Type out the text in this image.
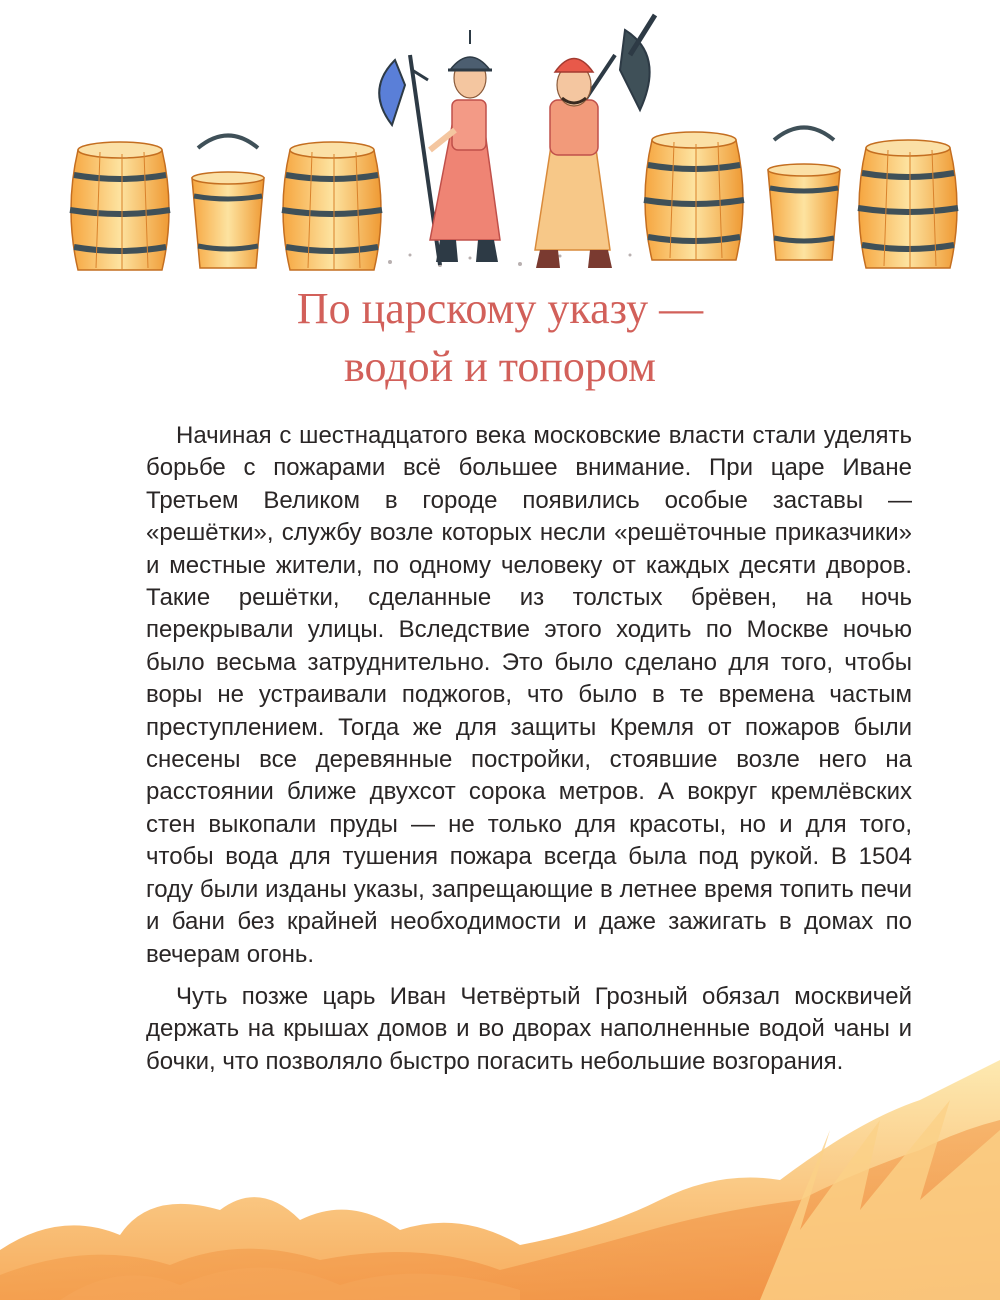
По царскому указу —
водой и топором

Начиная с шестнадцатого века московские власти стали уделять борьбе с пожарами всё большее внимание. При царе Иване Третьем Великом в городе появились особые заставы — «решётки», службу возле которых несли «решёточные приказчики» и местные жители, по одному человеку от каждых десяти дворов. Такие решётки, сделанные из толстых брёвен, на ночь перекрывали улицы. Вследствие этого ходить по Москве ночью было весьма затруднительно. Это было сделано для того, чтобы воры не устраивали поджогов, что было в те времена частым преступлением. Тогда же для защиты Кремля от пожаров были снесены все деревянные постройки, стоявшие возле него на расстоянии ближе двухсот сорока метров. А вокруг кремлёвских стен выкопали пруды — не только для красоты, но и для того, чтобы вода для тушения пожара всегда была под рукой. В 1504 году были изданы указы, запрещающие в летнее время топить печи и бани без крайней необходимости и даже зажигать в домах по вечерам огонь.

Чуть позже царь Иван Четвёртый Грозный обязал москвичей держать на крышах домов и во дворах наполненные водой чаны и бочки, что позволяло быстро погасить небольшие возгорания.
